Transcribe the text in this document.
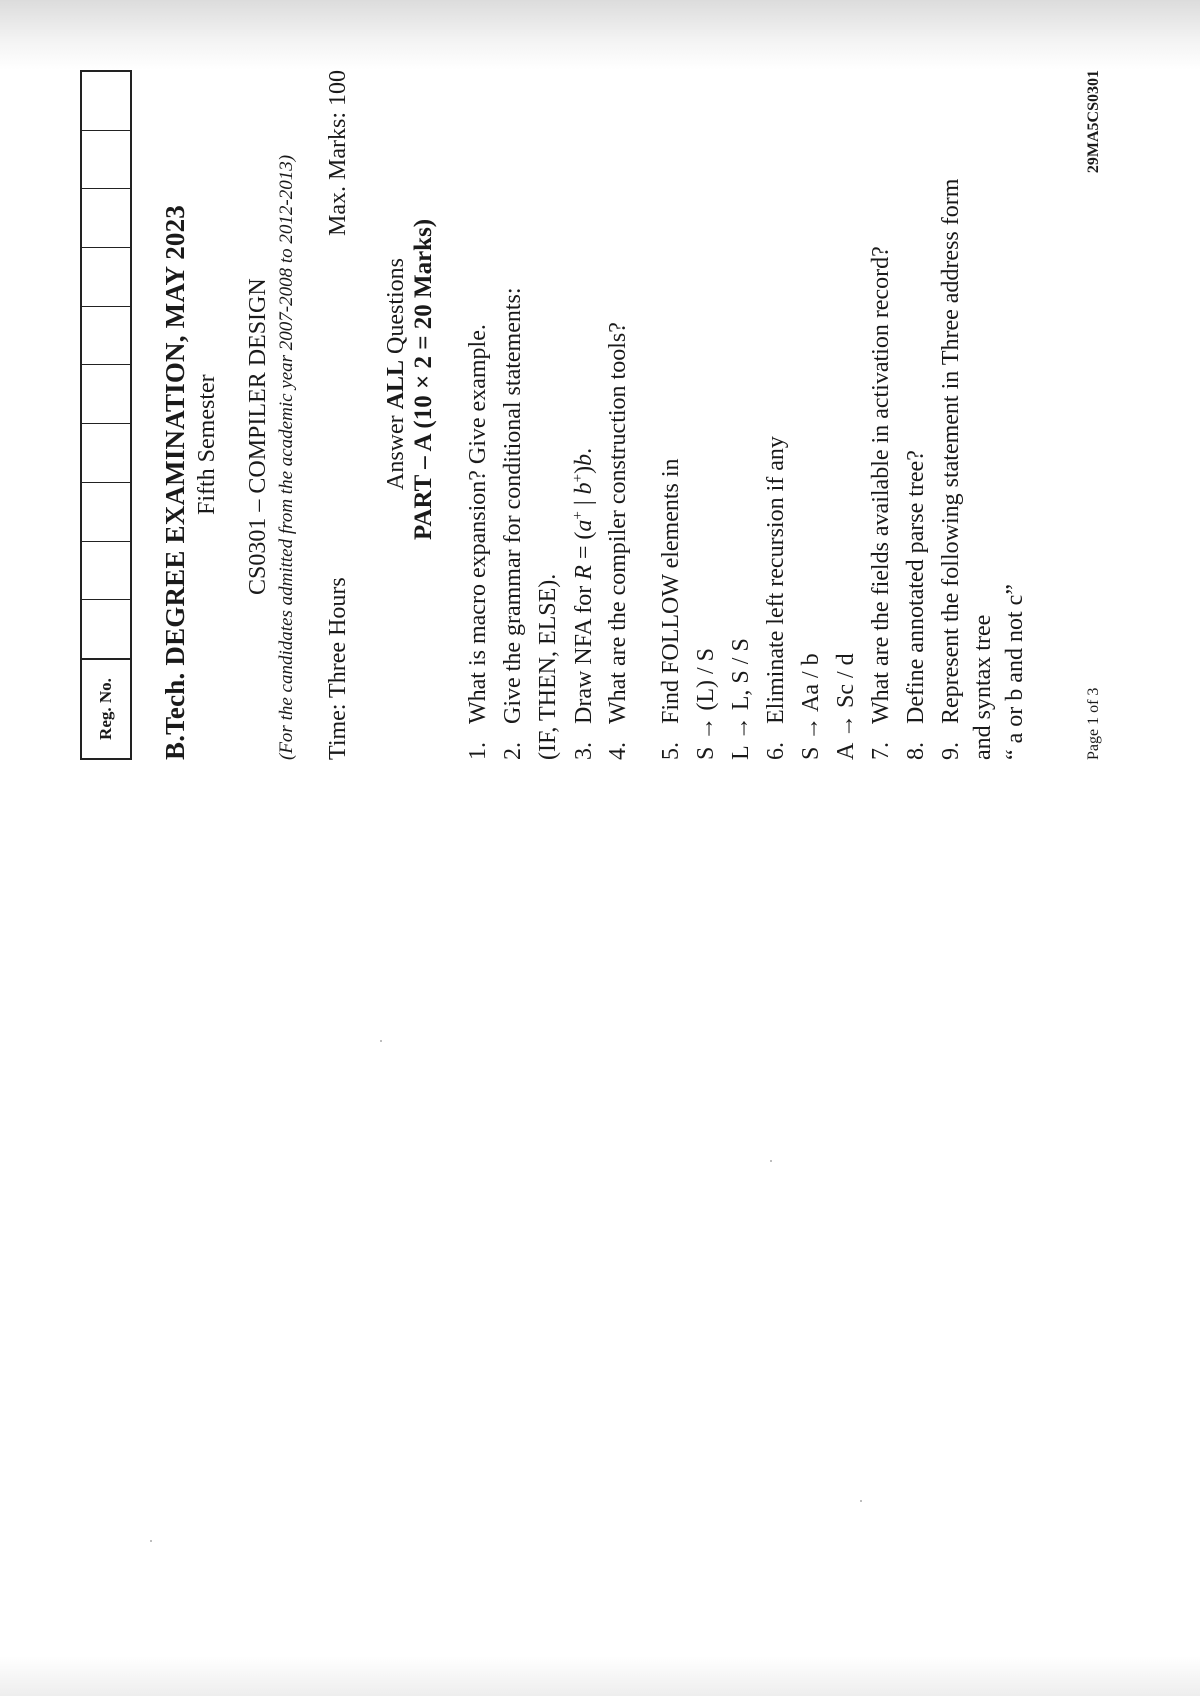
Reg. No.	B.Tech. DEGREE EXAMINATION, MAY 2023 Fifth Semester CS0301 – COMPILER DESIGN (For the candidates admitted from the academic year 2007-2008 to 2012-2013) Time: Three Hours
Max. Marks: 100
Answer ALL Questions PART – A (10 × 2 = 20 Marks)
1.What is macro expansion? Give example.
2.Give the grammar for conditional statements: (IF, THEN, ELSE). 3.Draw NFA for R = (a+ | b+)b.
4.What are the compiler construction tools?
5.Find FOLLOW elements in S → (L) / S L → L, S / S 6.Eliminate left recursion if any S → Aa / b A → Sc / d 7.What are the fields available in activation record?
8.Define annotated parse tree?
9.Represent the following statement in Three address form and syntax tree “ a or b and not c”	Page 1 of 3
29MA5CS0301
